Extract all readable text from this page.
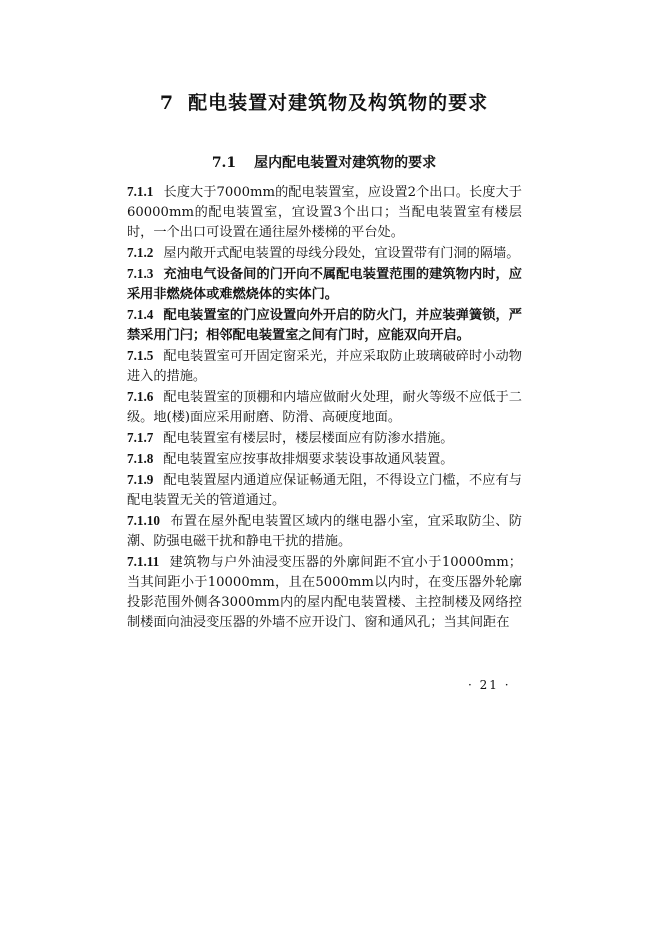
7 配电装置对建筑物及构筑物的要求
7.1 屋内配电装置对建筑物的要求

7.1.1 长度大于7000mm的配电装置室，应设置2个出口。长度大于60000mm的配电装置室，宜设置3个出口；当配电装置室有楼层时，一个出口可设置在通往屋外楼梯的平台处。

7.1.2 屋内敞开式配电装置的母线分段处，宜设置带有门洞的隔墙。

7.1.3 充油电气设备间的门开向不属配电装置范围的建筑物内时，应采用非燃烧体或难燃烧体的实体门。

7.1.4 配电装置室的门应设置向外开启的防火门，并应装弹簧锁，严禁采用门闩；相邻配电装置室之间有门时，应能双向开启。

7.1.5 配电装置室可开固定窗采光，并应采取防止玻璃破碎时小动物进入的措施。

7.1.6 配电装置室的顶棚和内墙应做耐火处理，耐火等级不应低于二级。地(楼)面应采用耐磨、防滑、高硬度地面。

7.1.7 配电装置室有楼层时，楼层楼面应有防渗水措施。

7.1.8 配电装置室应按事故排烟要求装设事故通风装置。

7.1.9 配电装置屋内通道应保证畅通无阻，不得设立门槛，不应有与配电装置无关的管道通过。

7.1.10 布置在屋外配电装置区域内的继电器小室，宜采取防尘、防潮、防强电磁干扰和静电干扰的措施。

7.1.11 建筑物与户外油浸变压器的外廓间距不宜小于10000mm；当其间距小于10000mm，且在5000mm以内时，在变压器外轮廓投影范围外侧各3000mm内的屋内配电装置楼、主控制楼及网络控制楼面向油浸变压器的外墙不应开设门、窗和通风孔；当其间距在

· 21 ·
